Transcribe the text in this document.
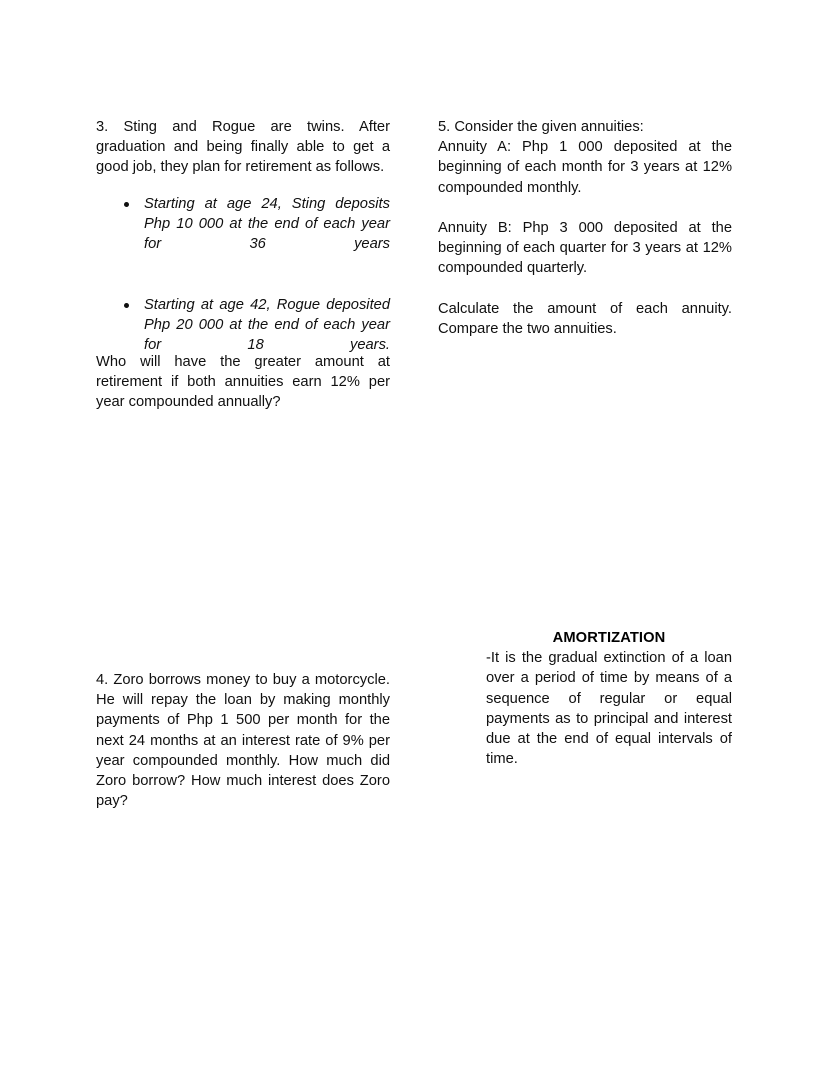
3. Sting and Rogue are twins. After graduation and being finally able to get a good job, they plan for retirement as follows.

Starting at age 24, Sting deposits Php 10 000 at the end of each year for 36 years
Starting at age 42, Rogue deposited Php 20 000 at the end of each year for 18 years.

Who will have the greater amount at retirement if both annuities earn 12% per year compounded annually?

5. Consider the given annuities:

Annuity A: Php 1 000 deposited at the beginning of each month for 3 years at 12% compounded monthly.

Annuity B: Php 3 000 deposited at the beginning of each quarter for 3 years at 12% compounded quarterly.

Calculate the amount of each annuity. Compare the two annuities.

4. Zoro borrows money to buy a motorcycle. He will repay the loan by making monthly payments of Php 1 500 per month for the next 24 months at an interest rate of 9% per year compounded monthly. How much did Zoro borrow? How much interest does Zoro pay?

AMORTIZATION

-It is the gradual extinction of a loan over a period of time by means of a sequence of regular or equal payments as to principal and interest due at the end of equal intervals of time.
